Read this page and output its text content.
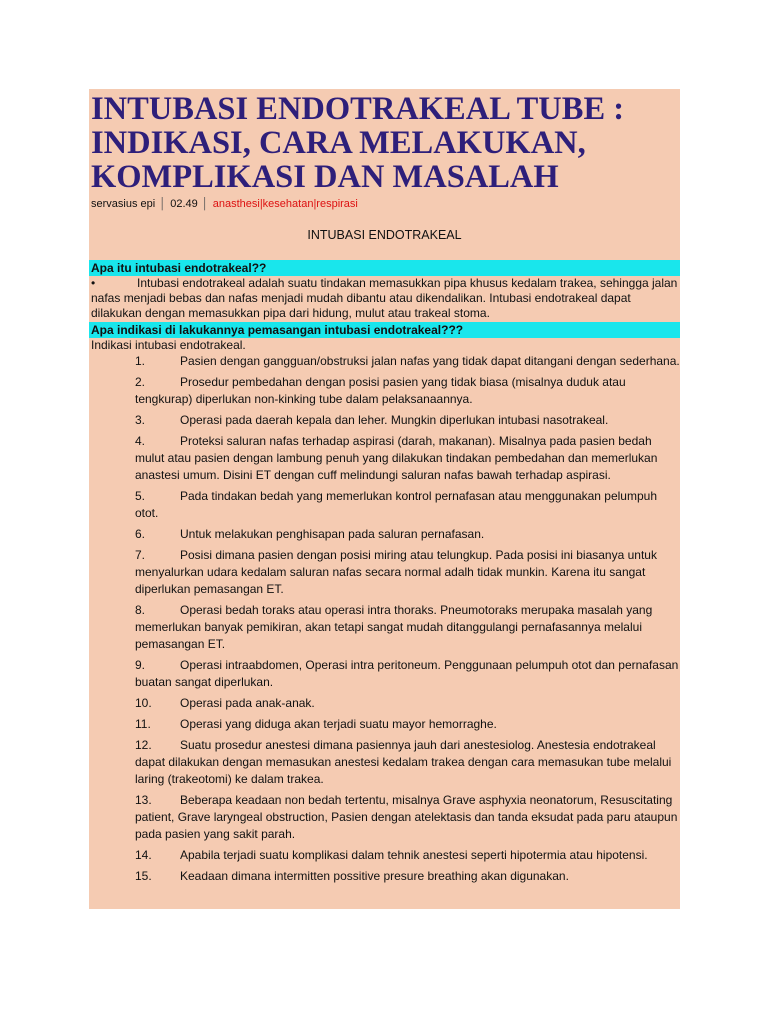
INTUBASI ENDOTRAKEAL TUBE : INDIKASI, CARA MELAKUKAN, KOMPLIKASI DAN MASALAH
servasius epi │ 02.49 │ anasthesi|kesehatan|respirasi
INTUBASI ENDOTRAKEAL
Apa itu intubasi endotrakeal??
•	Intubasi endotrakeal adalah suatu tindakan memasukkan pipa khusus kedalam trakea, sehingga jalan nafas menjadi bebas dan nafas menjadi mudah dibantu atau dikendalikan. Intubasi endotrakeal dapat dilakukan dengan memasukkan pipa dari hidung, mulut atau trakeal stoma.
Apa indikasi di lakukannya pemasangan intubasi endotrakeal???
Indikasi intubasi endotrakeal.
1.	Pasien dengan gangguan/obstruksi jalan nafas yang tidak dapat ditangani dengan sederhana.
2.	Prosedur pembedahan dengan posisi pasien yang tidak biasa (misalnya duduk atau tengkurap) diperlukan non-kinking tube dalam pelaksanaannya.
3.	Operasi pada daerah kepala dan leher. Mungkin diperlukan intubasi nasotrakeal.
4.	Proteksi saluran nafas terhadap aspirasi (darah, makanan). Misalnya pada pasien bedah mulut atau pasien dengan lambung penuh yang dilakukan tindakan pembedahan dan memerlukan anastesi umum. Disini ET dengan cuff melindungi saluran nafas bawah terhadap aspirasi.
5.	Pada tindakan bedah yang memerlukan kontrol pernafasan atau menggunakan pelumpuh otot.
6.	Untuk melakukan penghisapan pada saluran pernafasan.
7.	Posisi dimana pasien dengan posisi miring atau telungkup. Pada posisi ini biasanya untuk menyalurkan udara kedalam saluran nafas secara normal adalh tidak munkin. Karena itu sangat diperlukan pemasangan ET.
8.	Operasi bedah toraks atau operasi intra thoraks. Pneumotoraks merupaka masalah yang memerlukan banyak pemikiran, akan tetapi sangat mudah ditanggulangi pernafasannya melalui pemasangan ET.
9.	Operasi intraabdomen, Operasi intra peritoneum. Penggunaan pelumpuh otot dan pernafasan buatan sangat diperlukan.
10. Operasi pada anak-anak.
11. Operasi yang diduga akan terjadi suatu mayor hemorraghe.
12. Suatu prosedur anestesi dimana pasiennya jauh dari anestesiolog. Anestesia endotrakeal dapat dilakukan dengan memasukan anestesi kedalam trakea dengan cara memasukan tube melalui laring (trakeotomi) ke dalam trakea.
13. Beberapa keadaan non bedah tertentu, misalnya Grave asphyxia neonatorum, Resuscitating patient, Grave laryngeal obstruction, Pasien dengan atelektasis dan tanda eksudat pada paru ataupun pada pasien yang sakit parah.
14. Apabila terjadi suatu komplikasi dalam tehnik anestesi seperti hipotermia atau hipotensi.
15. Keadaan dimana intermitten possitive presure breathing akan digunakan.
